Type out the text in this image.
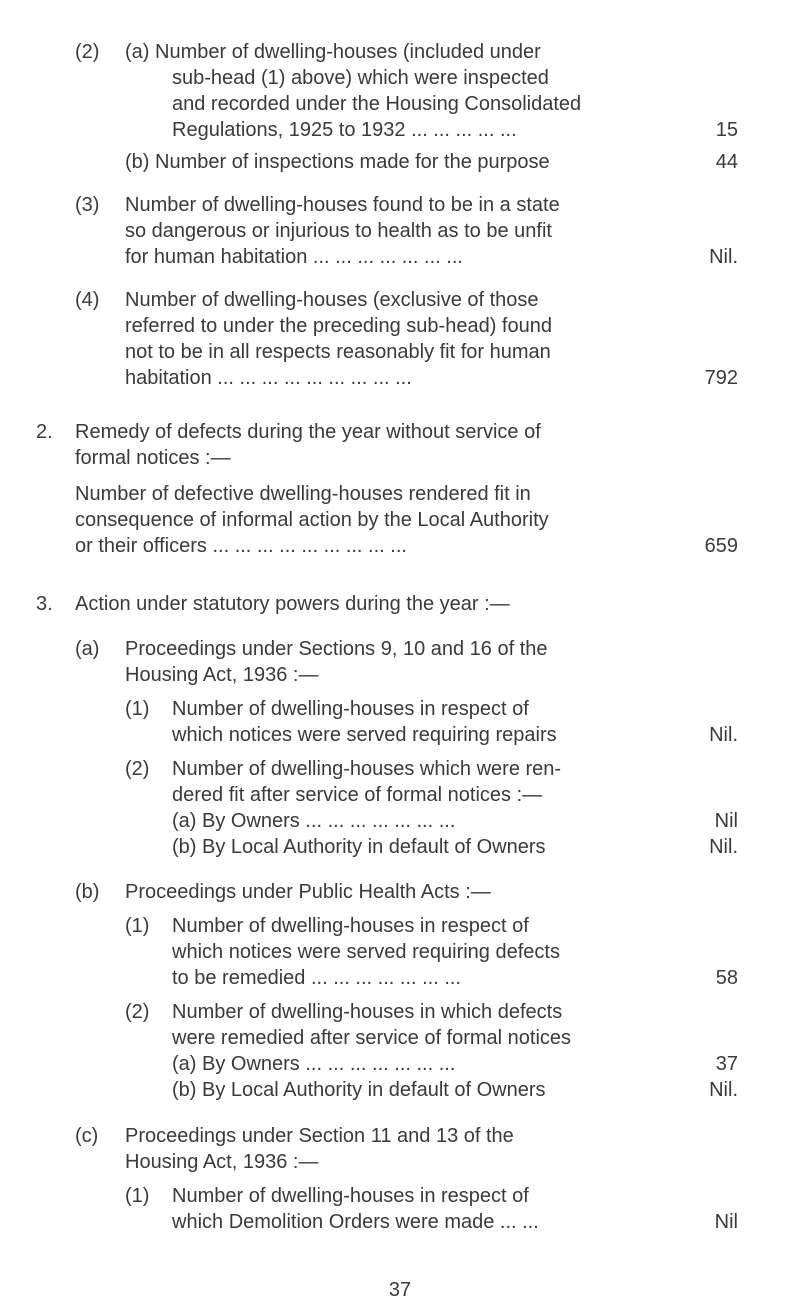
(2) (a) Number of dwelling-houses (included under
sub-head (1) above) which were inspected
and recorded under the Housing Consolidated
Regulations, 1925 to 1932 ... ... ... ... ...	15
(b) Number of inspections made for the purpose	44
(3) Number of dwelling-houses found to be in a state
so dangerous or injurious to health as to be unfit
for human habitation ... ... ... ... ... ... ...	Nil.
(4) Number of dwelling-houses (exclusive of those
referred to under the preceding sub-head) found
not to be in all respects reasonably fit for human
habitation ... ... ... ... ... ... ... ... ...	792
2. Remedy of defects during the year without service of
formal notices :—
Number of defective dwelling-houses rendered fit in
consequence of informal action by the Local Authority
or their officers ... ... ... ... ... ... ... ... ...	659
3. Action under statutory powers during the year :—
(a) Proceedings under Sections 9, 10 and 16 of the
Housing Act, 1936 :—
(1) Number of dwelling-houses in respect of
which notices were served requiring repairs	Nil.
(2) Number of dwelling-houses which were ren-
dered fit after service of formal notices :—
(a) By Owners ... ... ... ... ... ... ...	Nil
(b) By Local Authority in default of Owners	Nil.
(b) Proceedings under Public Health Acts :—
(1) Number of dwelling-houses in respect of
which notices were served requiring defects
to be remedied ... ... ... ... ... ... ...	58
(2) Number of dwelling-houses in which defects
were remedied after service of formal notices
(a) By Owners ... ... ... ... ... ... ...	37
(b) By Local Authority in default of Owners	Nil.
(c) Proceedings under Section 11 and 13 of the
Housing Act, 1936 :—
(1) Number of dwelling-houses in respect of
which Demolition Orders were made ... ...	Nil
37
